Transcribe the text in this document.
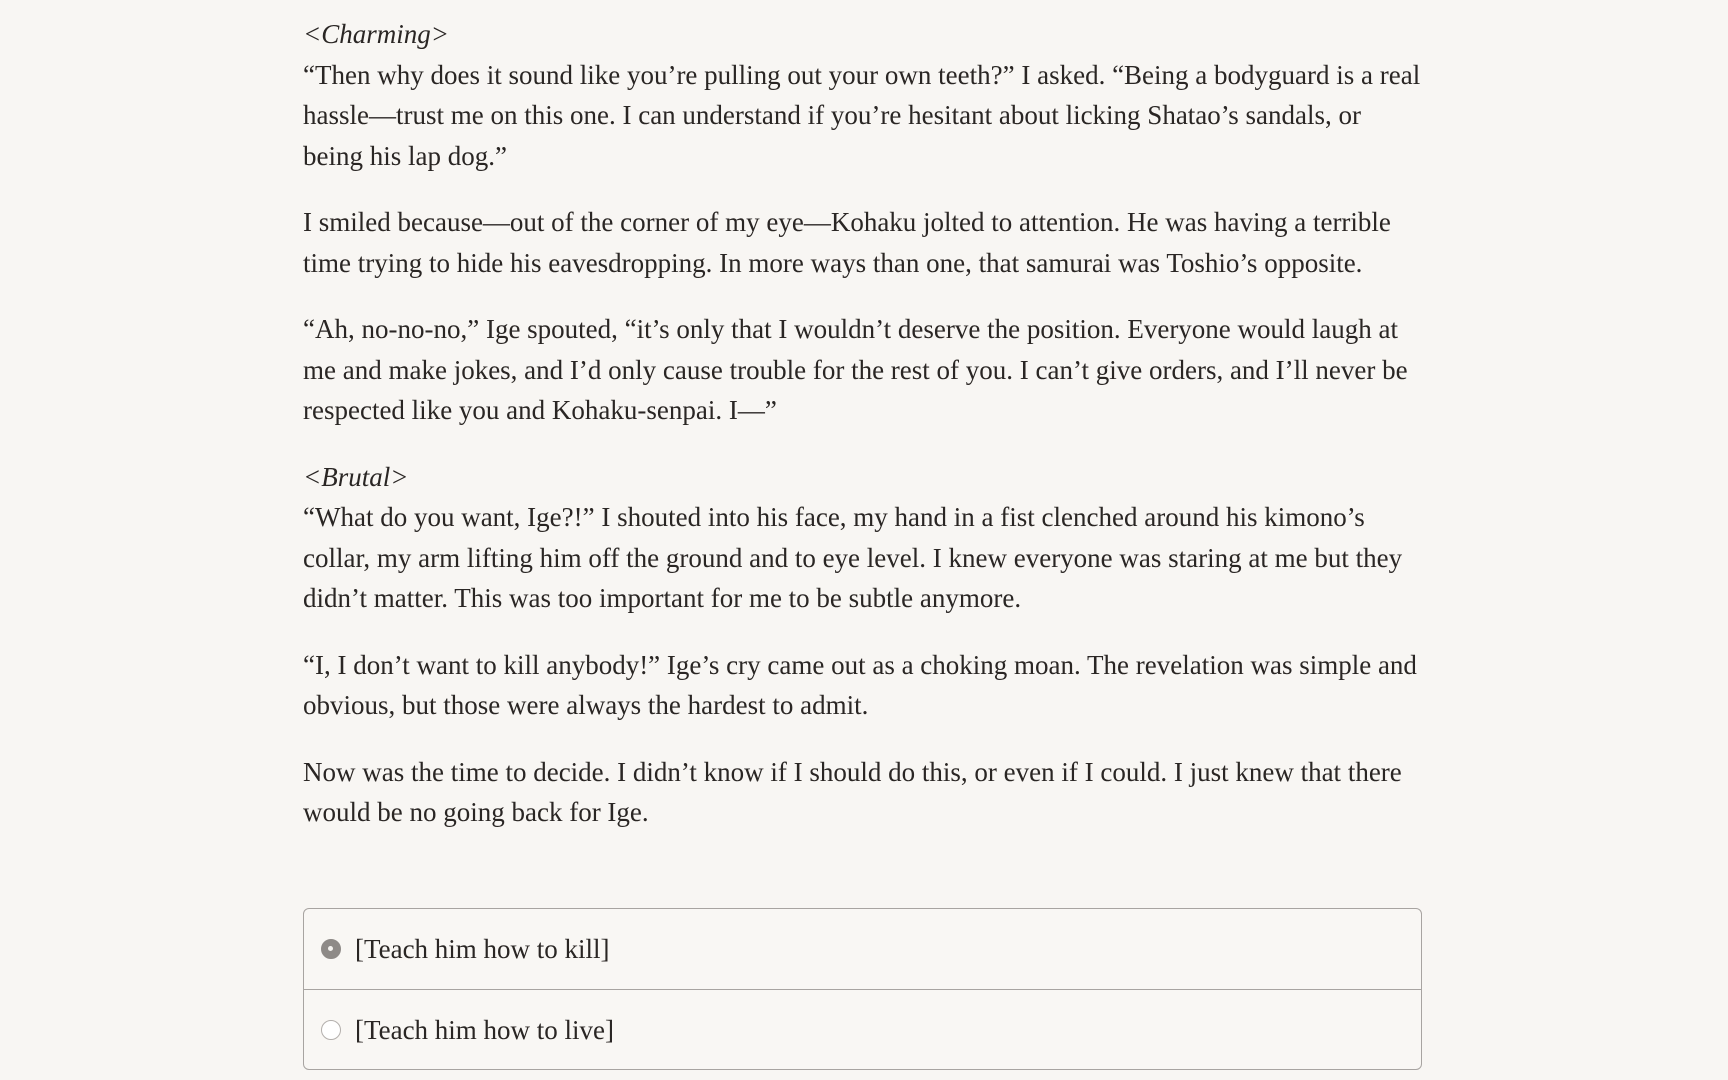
<Charming>
“Then why does it sound like you’re pulling out your own teeth?” I asked. “Being a bodyguard is a real hassle—trust me on this one. I can understand if you’re hesitant about licking Shatao’s sandals, or being his lap dog.”

I smiled because—out of the corner of my eye—Kohaku jolted to attention. He was having a terrible time trying to hide his eavesdropping. In more ways than one, that samurai was Toshio’s opposite.

“Ah, no-no-no,” Ige spouted, “it’s only that I wouldn’t deserve the position. Everyone would laugh at me and make jokes, and I’d only cause trouble for the rest of you. I can’t give orders, and I’ll never be respected like you and Kohaku-senpai. I—”

<Brutal>
“What do you want, Ige?!” I shouted into his face, my hand in a fist clenched around his kimono’s collar, my arm lifting him off the ground and to eye level. I knew everyone was staring at me but they didn’t matter. This was too important for me to be subtle anymore.

“I, I don’t want to kill anybody!” Ige’s cry came out as a choking moan. The revelation was simple and obvious, but those were always the hardest to admit.

Now was the time to decide. I didn’t know if I should do this, or even if I could. I just knew that there would be no going back for Ige.

[Teach him how to kill]
[Teach him how to live]
